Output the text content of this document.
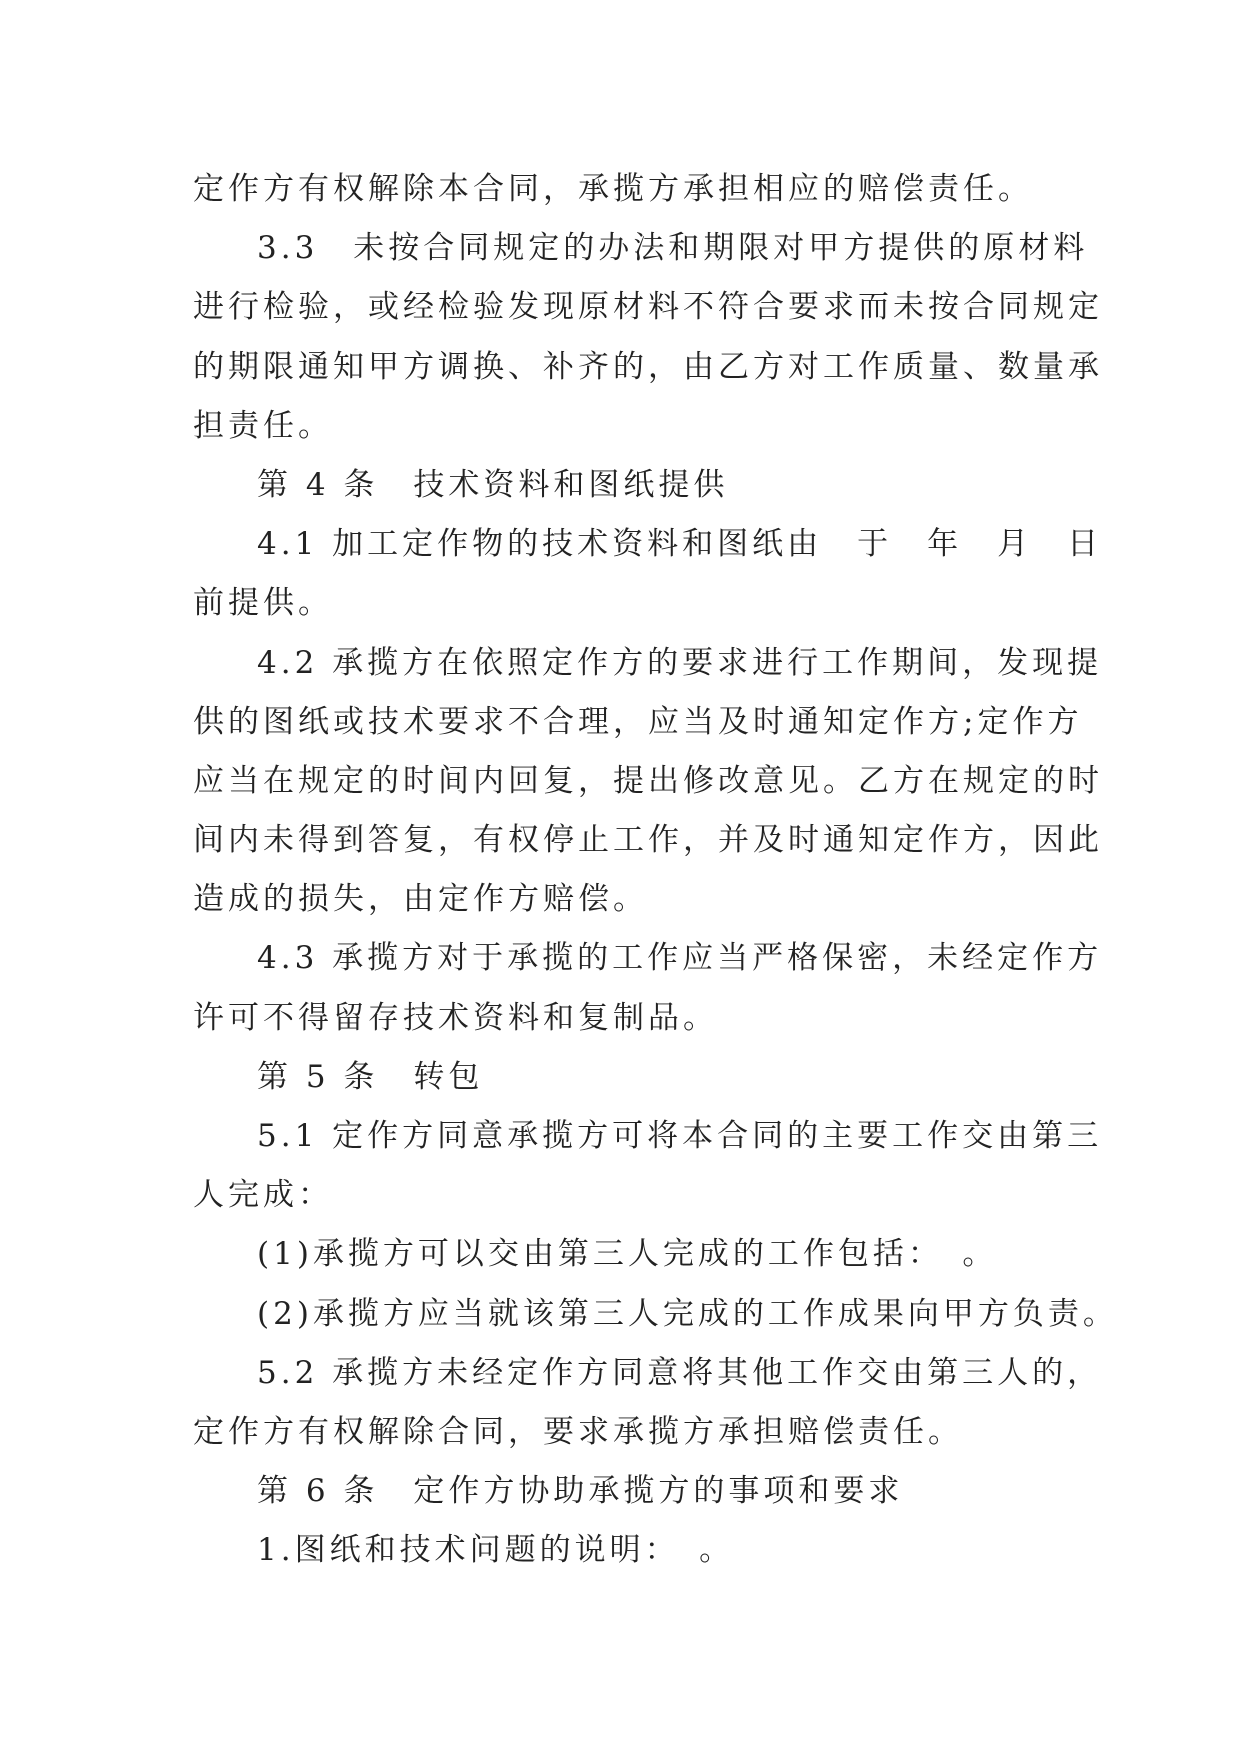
定作方有权解除本合同，承揽方承担相应的赔偿责任。
3.3　未按合同规定的办法和期限对甲方提供的原材料
进行检验，或经检验发现原材料不符合要求而未按合同规定
的期限通知甲方调换、补齐的，由乙方对工作质量、数量承
担责任。
第 4 条　技术资料和图纸提供
4.1 加工定作物的技术资料和图纸由　于　年　月　日
前提供。
4.2 承揽方在依照定作方的要求进行工作期间，发现提
供的图纸或技术要求不合理，应当及时通知定作方;定作方
应当在规定的时间内回复，提出修改意见。乙方在规定的时
间内未得到答复，有权停止工作，并及时通知定作方，因此
造成的损失，由定作方赔偿。
4.3 承揽方对于承揽的工作应当严格保密，未经定作方
许可不得留存技术资料和复制品。
第 5 条　转包
5.1 定作方同意承揽方可将本合同的主要工作交由第三
人完成：
(1)承揽方可以交由第三人完成的工作包括：　。
(2)承揽方应当就该第三人完成的工作成果向甲方负责。
5.2 承揽方未经定作方同意将其他工作交由第三人的，
定作方有权解除合同，要求承揽方承担赔偿责任。
第 6 条　定作方协助承揽方的事项和要求
1.图纸和技术问题的说明：　。
